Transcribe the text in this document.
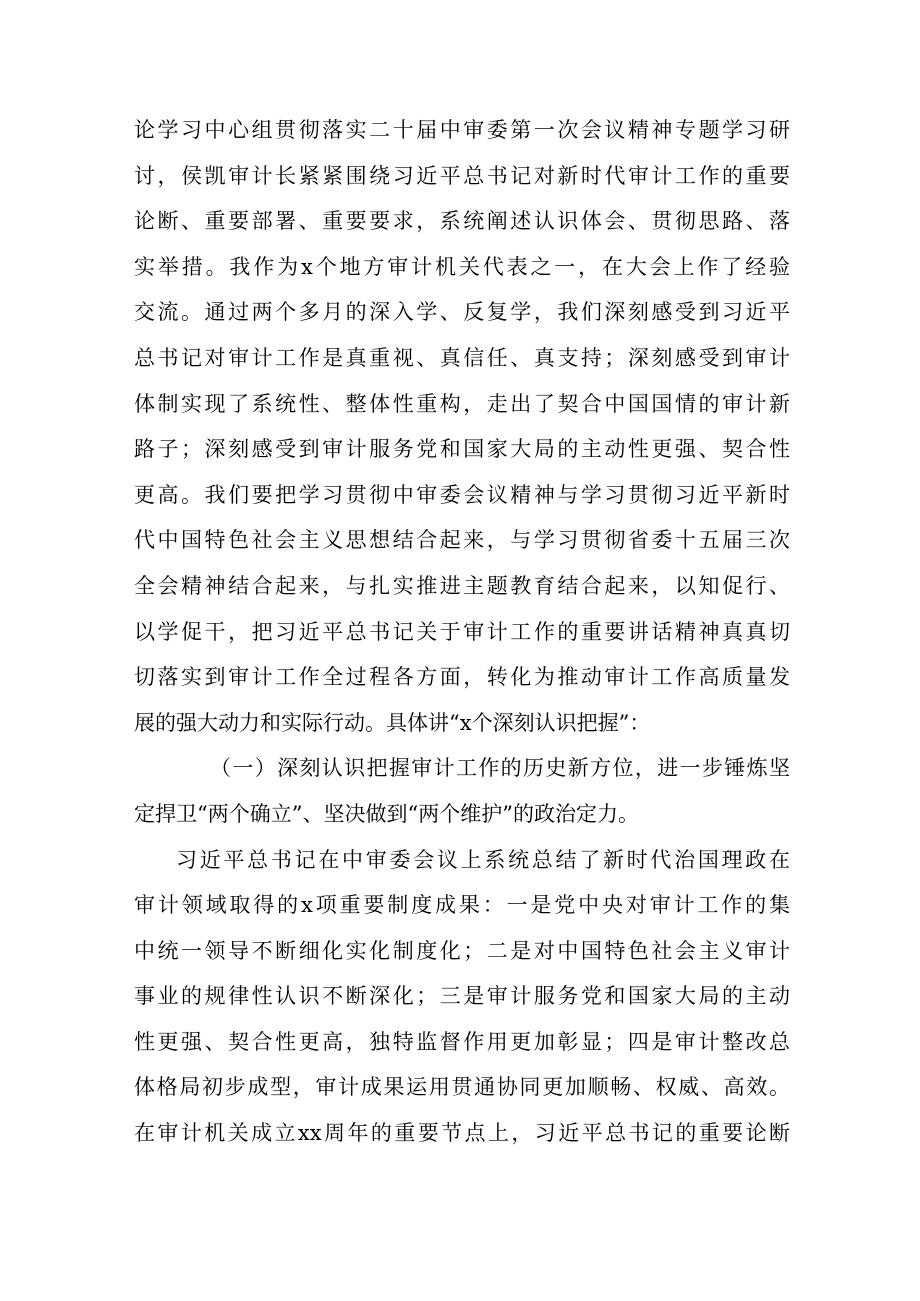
论学习中心组贯彻落实二十届中审委第一次会议精神专题学习研
讨，侯凯审计长紧紧围绕习近平总书记对新时代审计工作的重要
论断、重要部署、重要要求，系统阐述认识体会、贯彻思路、落
实举措。我作为x个地方审计机关代表之一，在大会上作了经验
交流。通过两个多月的深入学、反复学，我们深刻感受到习近平
总书记对审计工作是真重视、真信任、真支持；深刻感受到审计
体制实现了系统性、整体性重构，走出了契合中国国情的审计新
路子；深刻感受到审计服务党和国家大局的主动性更强、契合性
更高。我们要把学习贯彻中审委会议精神与学习贯彻习近平新时
代中国特色社会主义思想结合起来，与学习贯彻省委十五届三次
全会精神结合起来，与扎实推进主题教育结合起来，以知促行、
以学促干，把习近平总书记关于审计工作的重要讲话精神真真切
切落实到审计工作全过程各方面，转化为推动审计工作高质量发
展的强大动力和实际行动。具体讲“x个深刻认识把握”：
（一）深刻认识把握审计工作的历史新方位，进一步锤炼坚
定捍卫“两个确立”、坚决做到“两个维护”的政治定力。
习近平总书记在中审委会议上系统总结了新时代治国理政在
审计领域取得的x项重要制度成果：一是党中央对审计工作的集
中统一领导不断细化实化制度化；二是对中国特色社会主义审计
事业的规律性认识不断深化；三是审计服务党和国家大局的主动
性更强、契合性更高，独特监督作用更加彰显；四是审计整改总
体格局初步成型，审计成果运用贯通协同更加顺畅、权威、高效。
在审计机关成立xx周年的重要节点上，习近平总书记的重要论断
